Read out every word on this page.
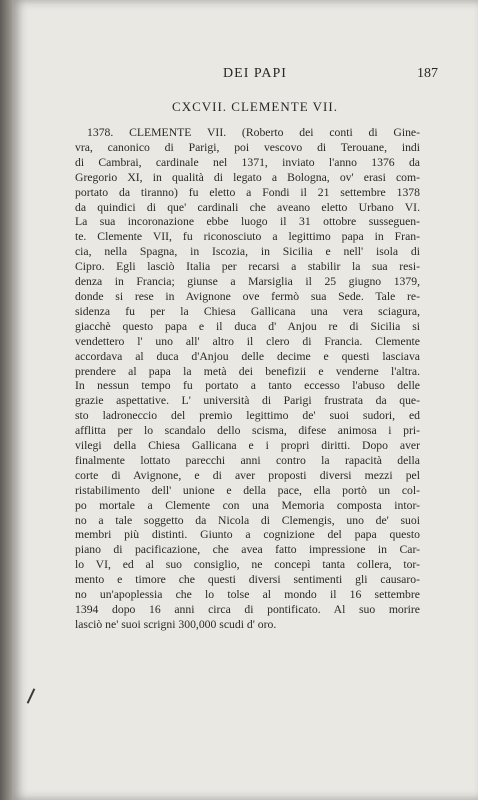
DEI PAPI	187
CXCVII. CLEMENTE VII.
1378. CLEMENTE VII. (Roberto dei conti di Gine-
vra, canonico di Parigi, poi vescovo di Terouane, indi
di Cambrai, cardinale nel 1371, inviato l'anno 1376 da
Gregorio XI, in qualità di legato a Bologna, ov' erasi com-
portato da tiranno) fu eletto a Fondi il 21 settembre 1378
da quindici di que' cardinali che aveano eletto Urbano VI.
La sua incoronazione ebbe luogo il 31 ottobre susseguen-
te. Clemente VII, fu riconosciuto a legittimo papa in Fran-
cia, nella Spagna, in Iscozia, in Sicilia e nell' isola di
Cipro. Egli lasciò Italia per recarsi a stabilir la sua resi-
denza in Francia; giunse a Marsiglia il 25 giugno 1379,
donde si rese in Avignone ove fermò sua Sede. Tale re-
sidenza fu per la Chiesa Gallicana una vera sciagura,
giacchè questo papa e il duca d' Anjou re di Sicilia si
vendettero l' uno all' altro il clero di Francia. Clemente
accordava al duca d'Anjou delle decime e questi lasciava
prendere al papa la metà dei benefizii e venderne l'altra.
In nessun tempo fu portato a tanto eccesso l'abuso delle
grazie aspettative. L' università di Parigi frustrata da que-
sto ladroneccio del premio legittimo de' suoi sudori, ed
afflitta per lo scandalo dello scisma, difese animosa i pri-
vilegi della Chiesa Gallicana e i propri diritti. Dopo aver
finalmente lottato parecchi anni contro la rapacità della
corte di Avignone, e di aver proposti diversi mezzi pel
ristabilimento dell' unione e della pace, ella portò un col-
po mortale a Clemente con una Memoria composta intor-
no a tale soggetto da Nicola di Clemengis, uno de' suoi
membri più distinti. Giunto a cognizione del papa questo
piano di pacificazione, che avea fatto impressione in Car-
lo VI, ed al suo consiglio, ne concepì tanta collera, tor-
mento e timore che questi diversi sentimenti gli causaro-
no un'apoplessia che lo tolse al mondo il 16 settembre
1394 dopo 16 anni circa di pontificato. Al suo morire
lasciò ne' suoi scrigni 300,000 scudi d' oro.
